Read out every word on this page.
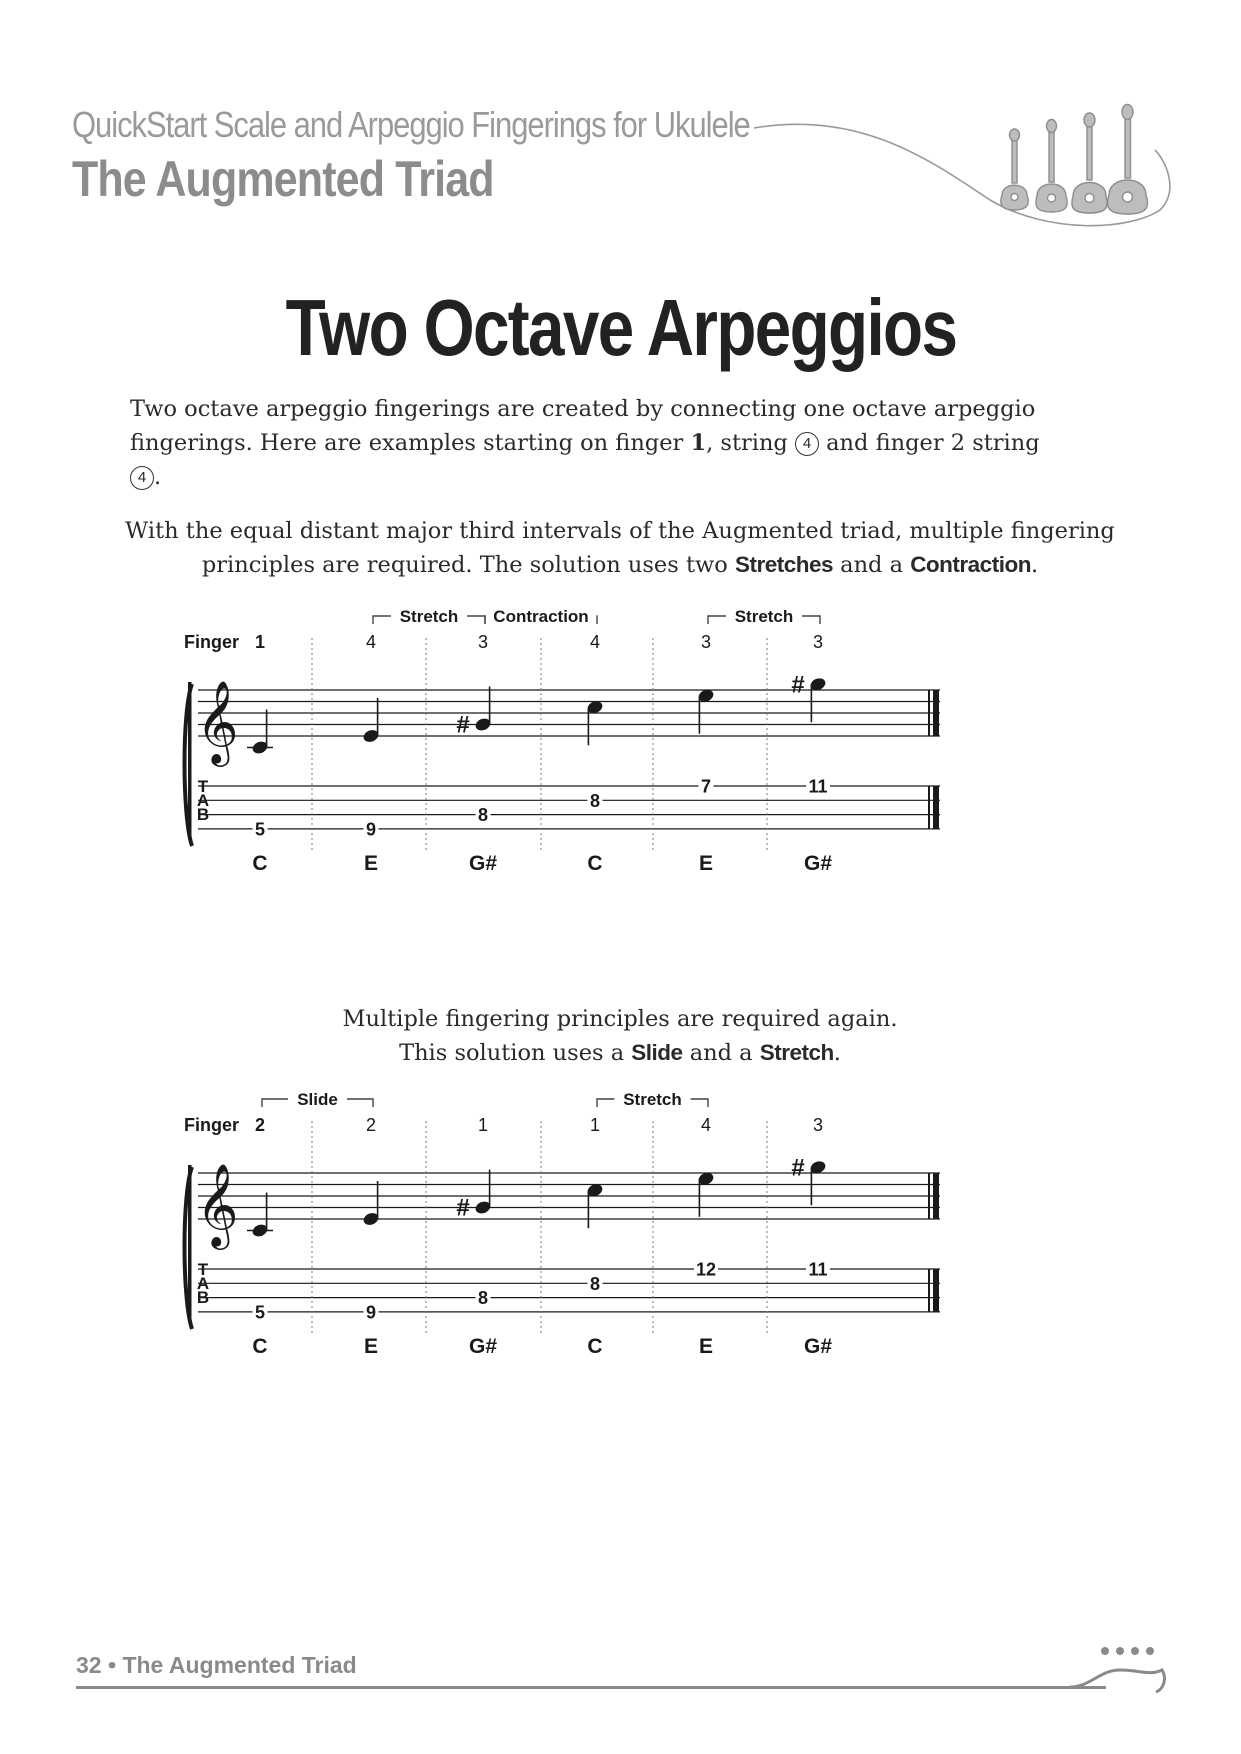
QuickStart Scale and Arpeggio Fingerings for Ukulele
The Augmented Triad
Two Octave Arpeggios
Two octave arpeggio fingerings are created by connecting one octave arpeggio fingerings. Here are examples starting on finger 1, string 4 and finger 2 string 4 .
With the equal distant major third intervals of the Augmented triad, multiple fingering principles are required. The solution uses two Stretches and a Contraction.
Finger 1	4	3	4	3	3
Stretch Contraction	Stretch
𝄞
T
A
B
#
#
5	9
8
8
7	11
C	E	G#	C	E	G#
Multiple fingering principles are required again.
This solution uses a Slide and a Stretch.
Finger 2	2	1	1	4	3
Slide	Stretch
𝄞
T
A
B
#
#
5	9
8
8
12	11
C	E	G#	C	E	G#
32 • The Augmented Triad
